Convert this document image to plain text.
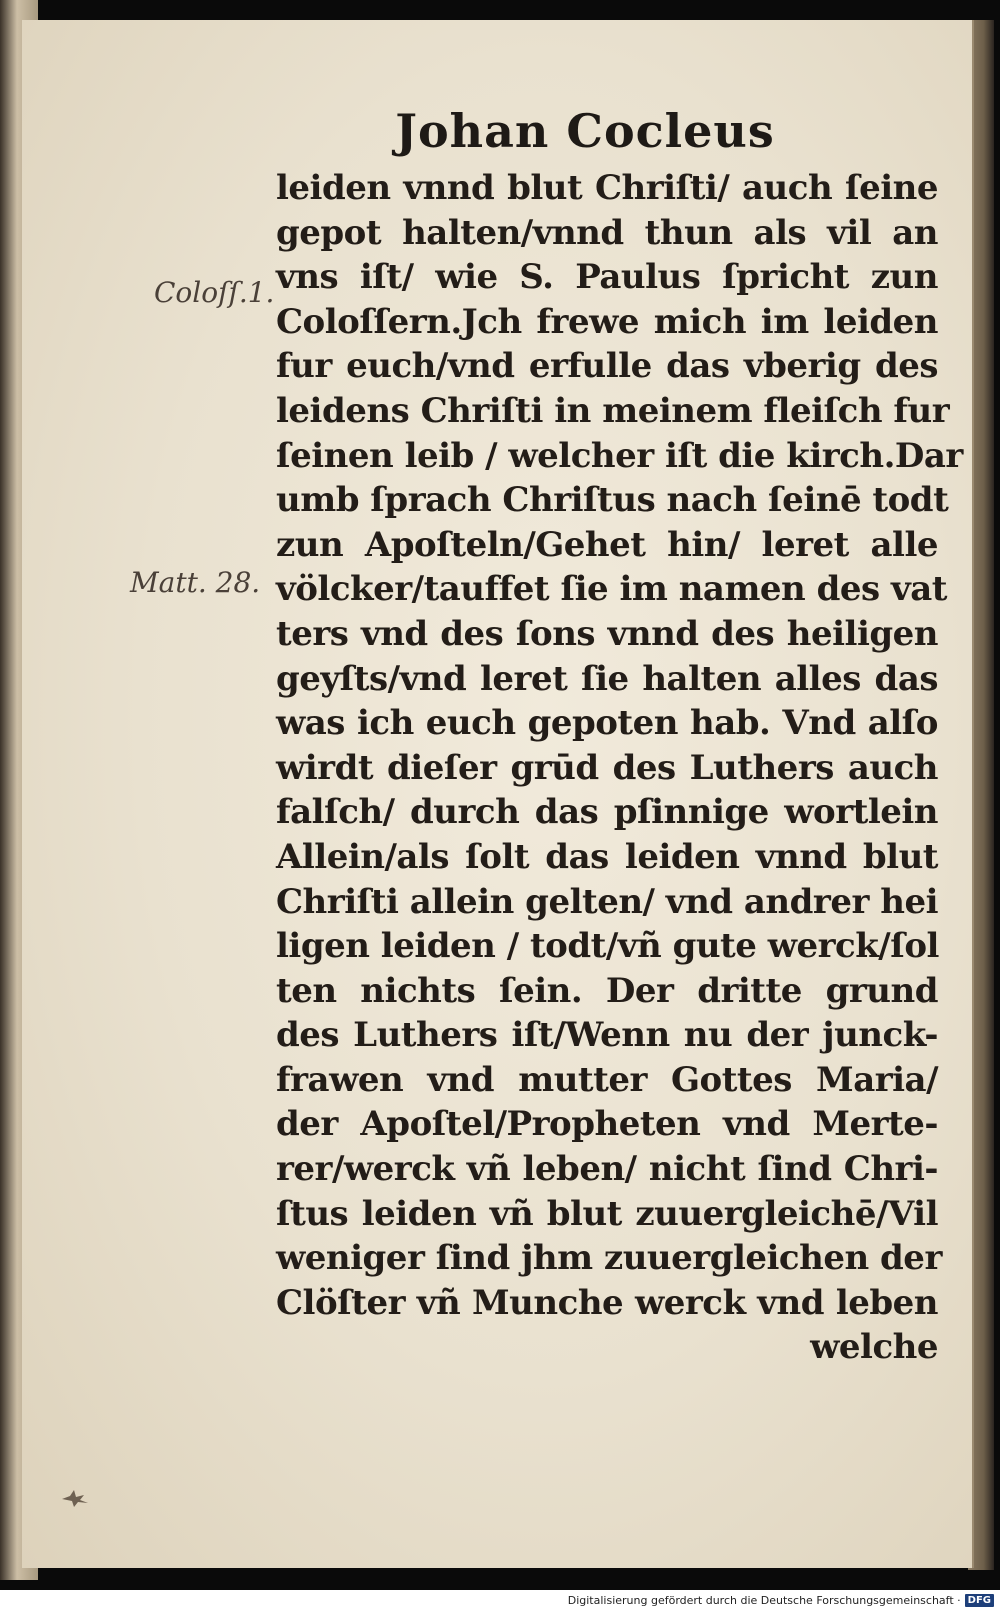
Johan Cocleus
Coloſſ.1.
Matt. 28.
leiden vnnd blut Chriſti/ auch ſeine
gepot halten/vnnd thun als vil an
vns iſt/ wie S. Paulus ſpricht zun
Coloſſern.Jch frewe mich im leiden
fur euch/vnd erfulle das vberig des
leidens Chriſti in meinem fleiſch fur
ſeinen leib / welcher iſt die kirch.Dar
umb ſprach Chriſtus nach ſeinē todt
zun Apoſteln/Gehet hin/ leret alle
völcker/tauffet ſie im namen des vat
ters vnd des ſons vnnd des heiligen
geyſts/vnd leret ſie halten alles das
was ich euch gepoten hab. Vnd alſo
wirdt dieſer grūd des Luthers auch
falſch/ durch das pſinnige wortlein
Allein/als ſolt das leiden vnnd blut
Chriſti allein gelten/ vnd andrer hei
ligen leiden / todt/vñ gute werck/ſol
ten nichts ſein. Der dritte grund
des Luthers iſt/Wenn nu der junck-
frawen vnd mutter Gottes Maria/
der Apoſtel/Propheten vnd Merte-
rer/werck vñ leben/ nicht ſind Chri-
ſtus leiden vñ blut zuuergleichē/Vil
weniger ſind jhm zuuergleichen der
Clöſter vñ Munche werck vnd leben
welche
Digitalisierung gefördert durch die Deutsche Forschungsgemeinschaft · DFG
